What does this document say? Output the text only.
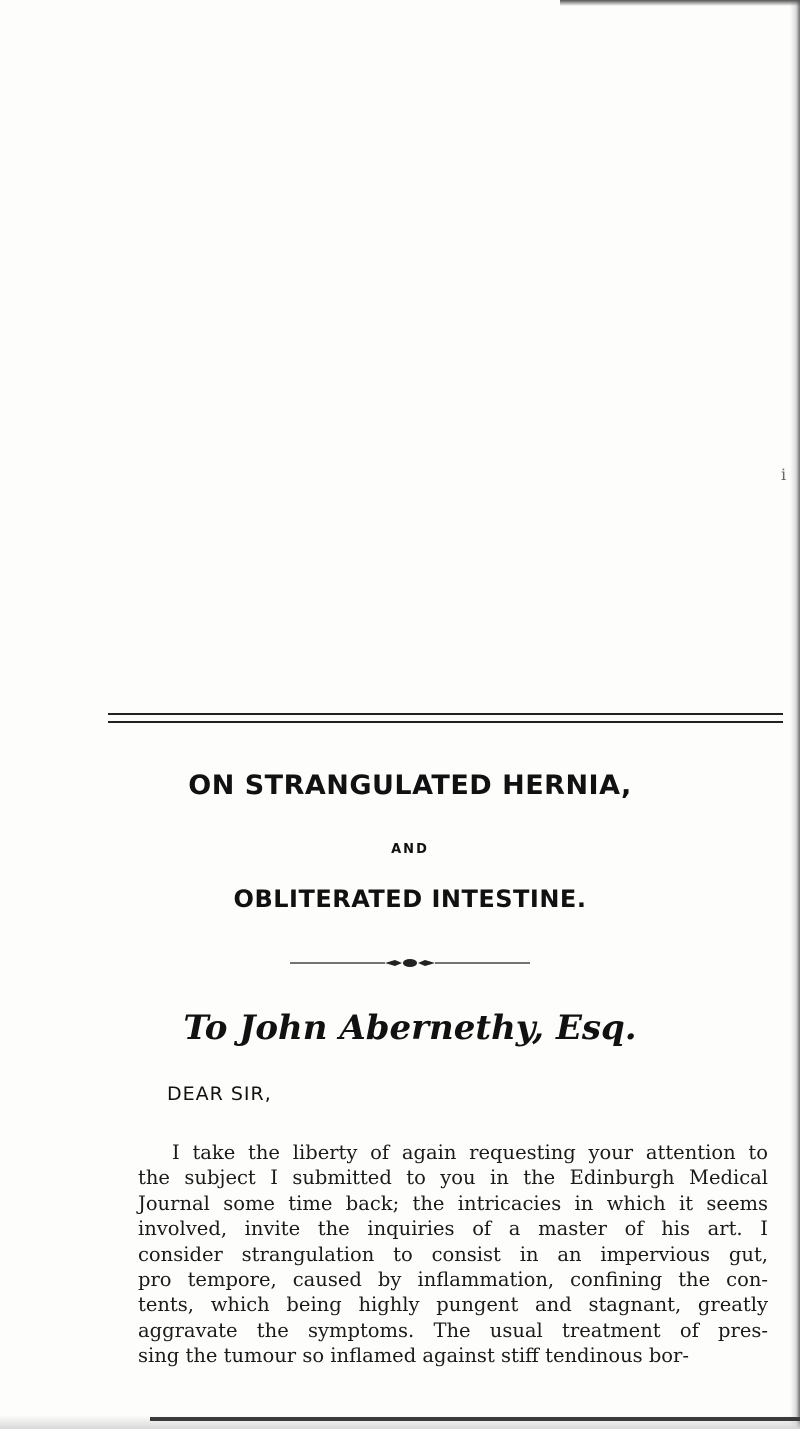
i
ON STRANGULATED HERNIA,
AND
OBLITERATED INTESTINE.
To John Abernethy, Esq.
DEAR SIR,
I take the liberty of again requesting your attention to
the subject I submitted to you in the Edinburgh Medical
Journal some time back; the intricacies in which it seems
involved, invite the inquiries of a master of his art. I
consider strangulation to consist in an impervious gut,
pro tempore, caused by inflammation, confining the con-
tents, which being highly pungent and stagnant, greatly
aggravate the symptoms. The usual treatment of pres-
sing the tumour so inflamed against stiff tendinous bor-
